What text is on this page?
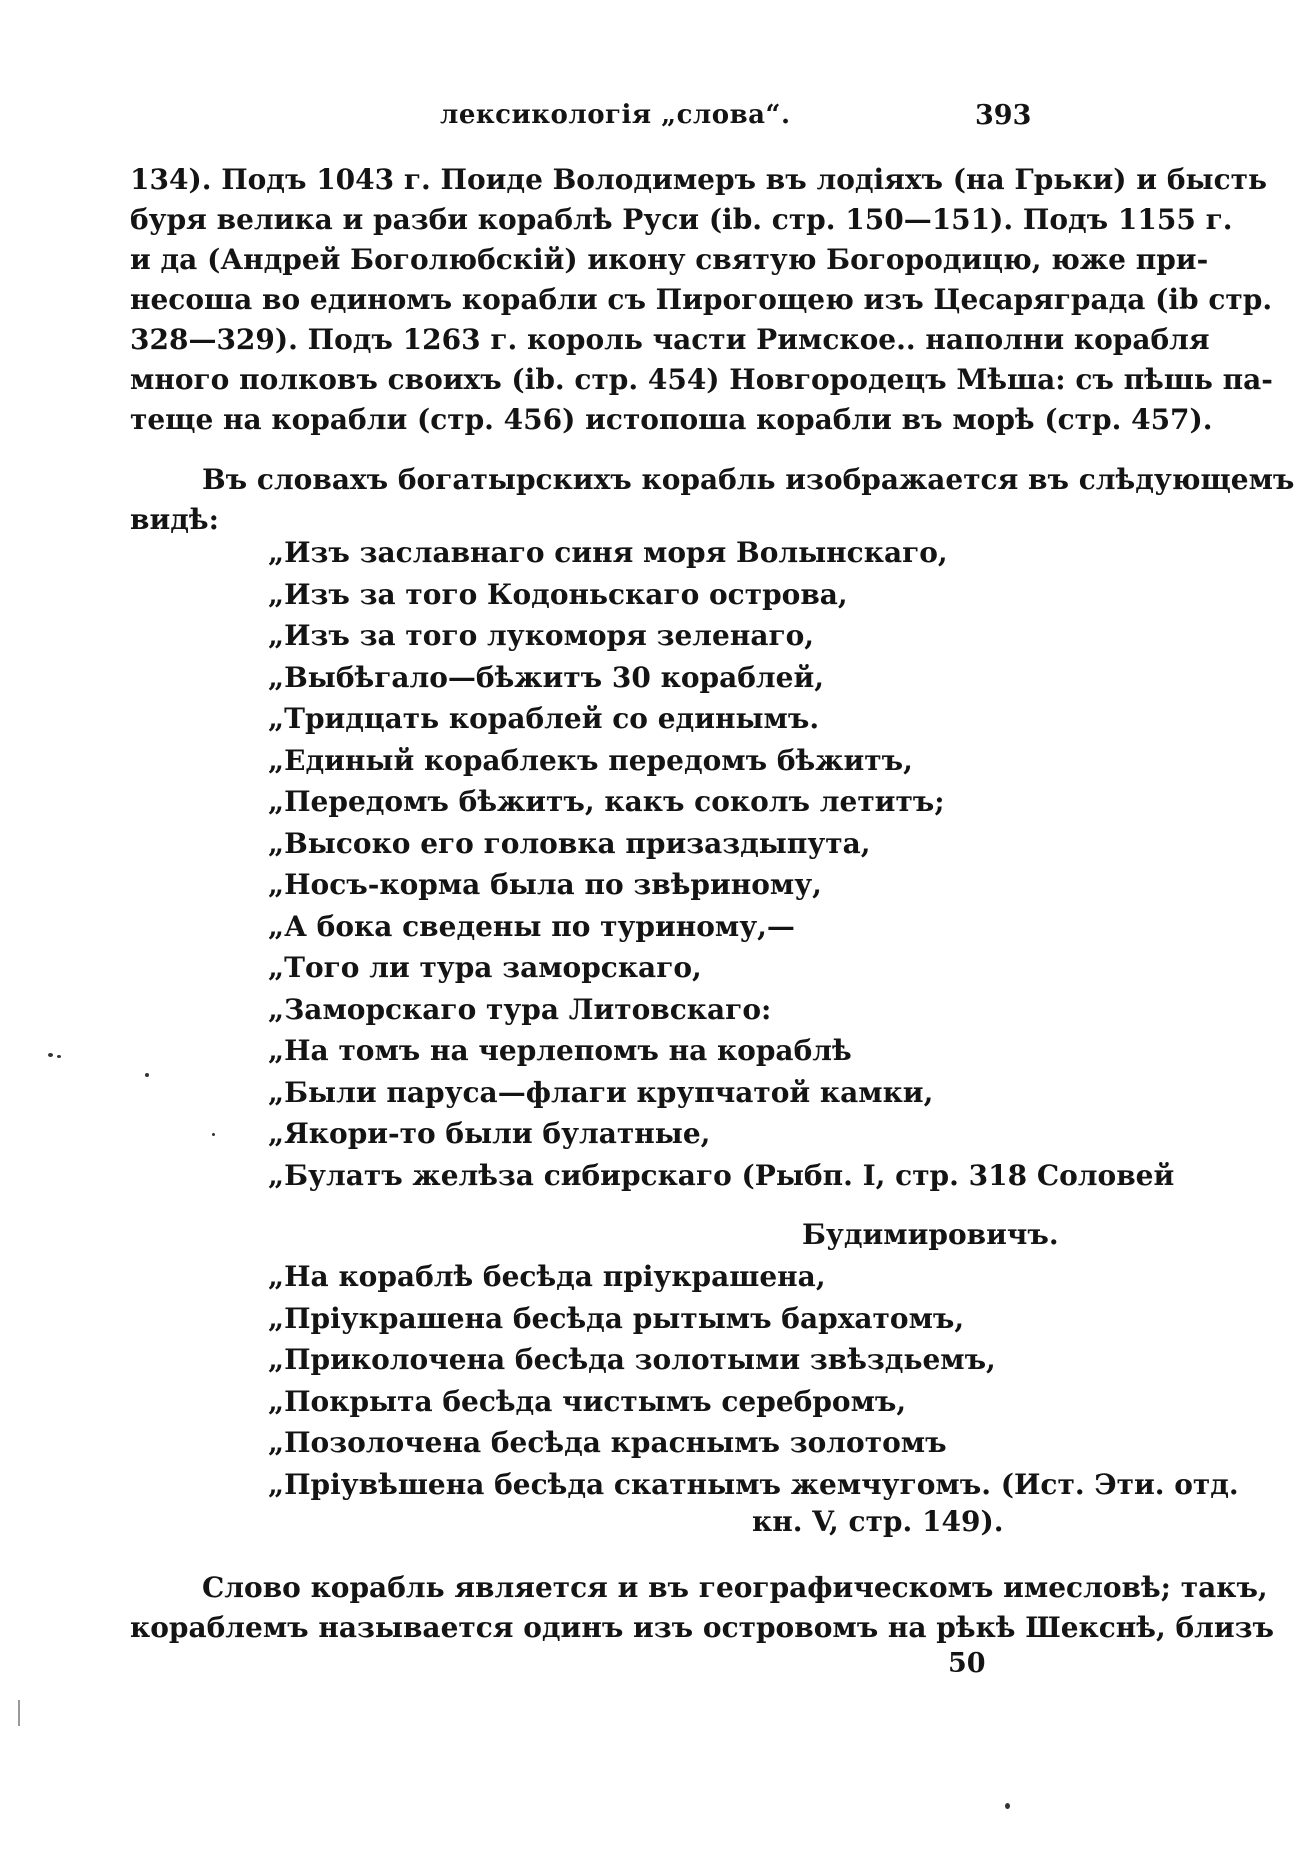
лексикологія „слова“.	393
134). Подъ 1043 г. Поиде Володимеръ въ лодіяхъ (на Грьки) и бысть
буря велика и разби кораблѣ Руси (ib. стр. 150—151). Подъ 1155 г.
и да (Андрей Боголюбскій) икону святую Богородицю, юже при-
несоша во единомъ корабли съ Пирогощею изъ Цесаряграда (ib стр.
328—329). Подъ 1263 г. король части Римское.. наполни корабля
много полковъ своихъ (ib. стр. 454) Новгородецъ Мѣша: съ пѣшь па-
теще на корабли (стр. 456) истопоша корабли въ морѣ (стр. 457).
Въ словахъ богатырскихъ корабль изображается въ слѣдующемъ
видѣ:
„Изъ заславнаго синя моря Волынскаго,
„Изъ за того Кодоньскаго острова,
„Изъ за того лукоморя зеленаго,
„Выбѣгало—бѣжитъ 30 кораблей,
„Тридцать кораблей со единымъ.
„Единый кораблекъ передомъ бѣжитъ,
„Передомъ бѣжитъ, какъ соколъ летитъ;
„Высоко его головка призаздыпута,
„Носъ-корма была по звѣриному,
„А бока сведены по туриному,—
„Того ли тура заморскаго,
„Заморскаго тура Литовскаго:
„На томъ на черлепомъ на кораблѣ
„Были паруса—флаги крупчатой камки,
„Якори-то были булатные,
„Булатъ желѣза сибирскаго (Рыбп. I, стр. 318 Соловей
Будимировичъ.
„На кораблѣ бесѣда пріукрашена,
„Пріукрашена бесѣда рытымъ бархатомъ,
„Приколочена бесѣда золотыми звѣздьемъ,
„Покрыта бесѣда чистымъ серебромъ,
„Позолочена бесѣда краснымъ золотомъ
„Пріувѣшена бесѣда скатнымъ жемчугомъ. (Ист. Эти. отд.
кн. V, стр. 149).
Слово корабль является и въ географическомъ имесловѣ; такъ,
кораблемъ называется одинъ изъ островомъ на рѣкѣ Шекснѣ, близъ
50
